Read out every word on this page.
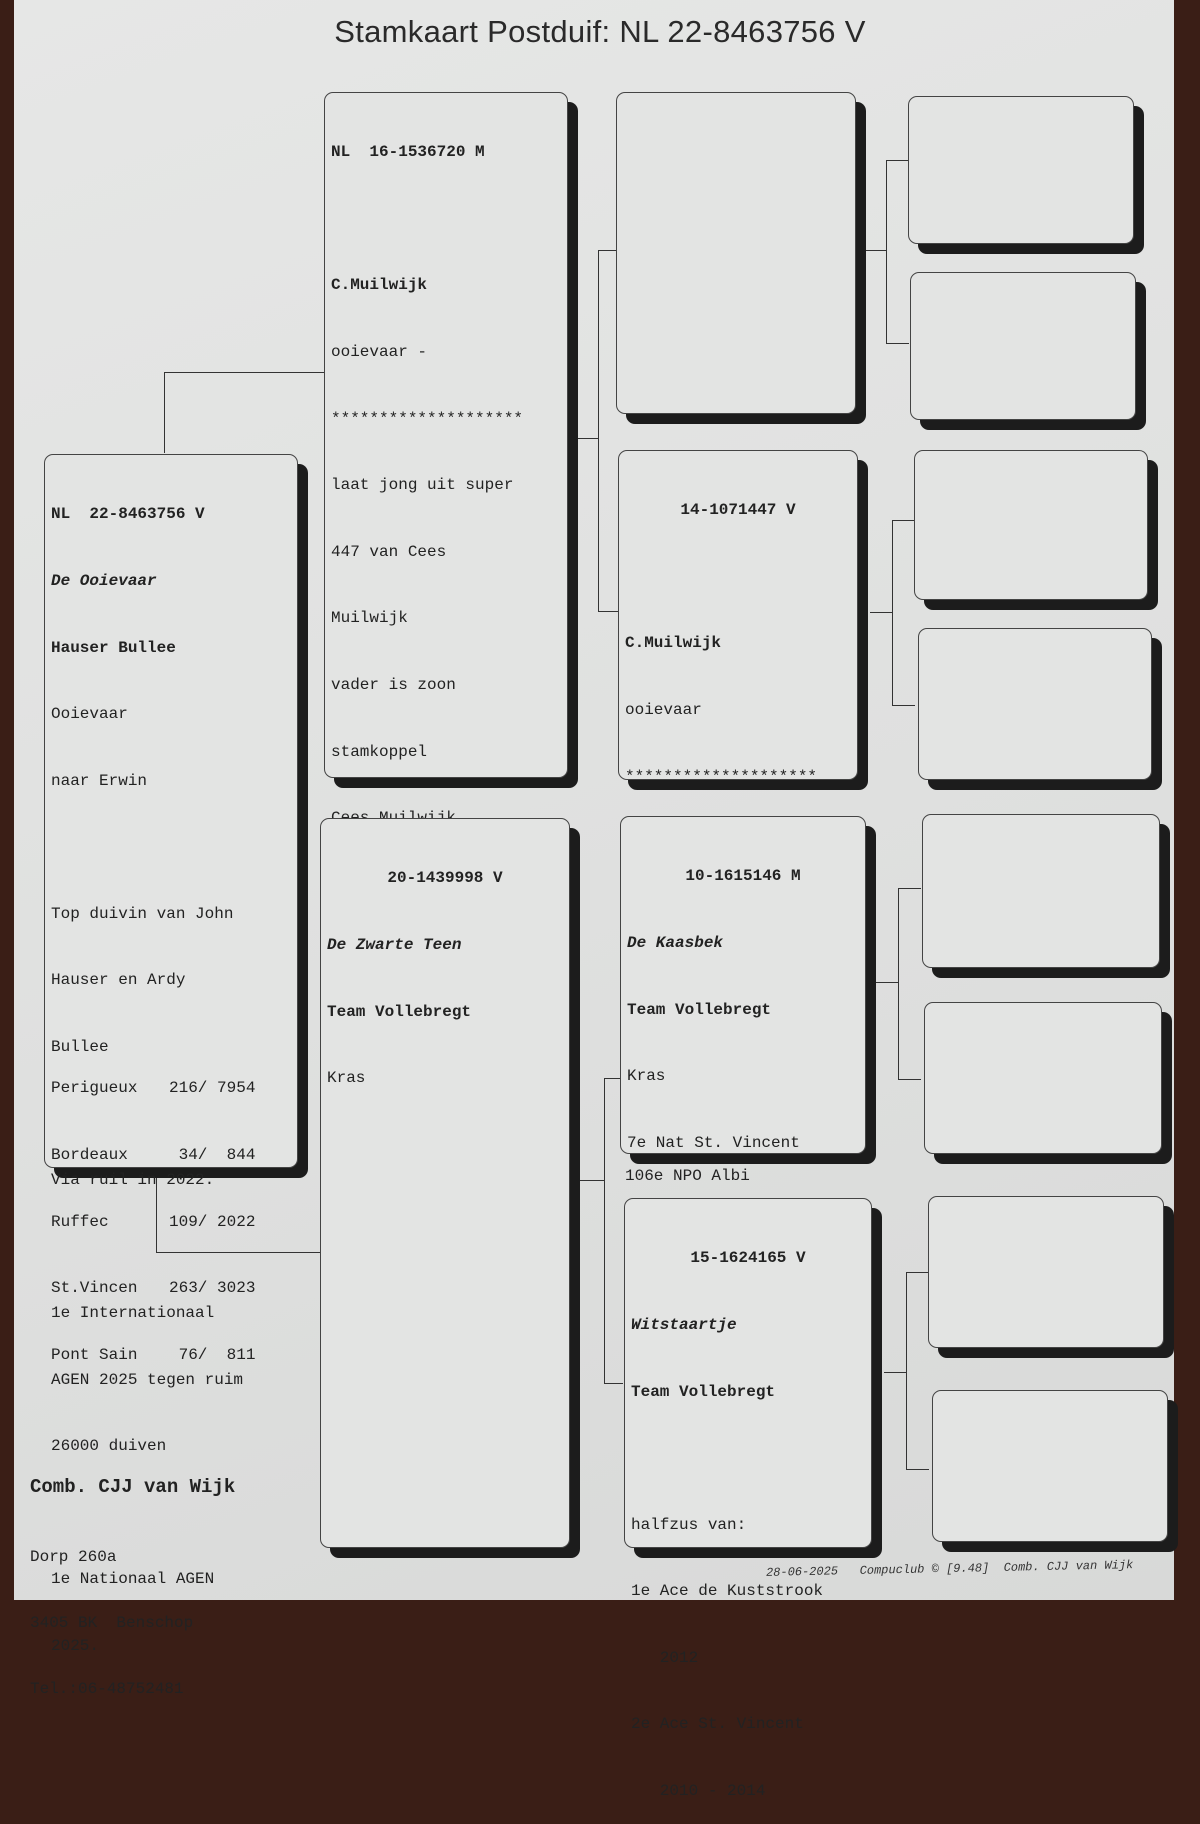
Stamkaart Postduif: NL 22-8463756 V

NL  22-8463756 V

De Ooievaar

Hauser Bullee

Ooievaar

naar Erwin

Top duivin van John

Hauser en Ardy

Bullee

Via ruil in 2022.

1e Internationaal

AGEN 2025 tegen ruim

26000 duiven

1e Nationaal AGEN

2025.

Perigueux 216/ 7954

Bordeaux	34/  844

Ruffec	109/ 2022

St.Vincen 263/ 3023

Pont Sain 76/  811

NL  16-1536720 M

C.Muilwijk

ooievaar -

********************

laat jong uit super

447 van Cees

Muilwijk

vader is zoon

stamkoppel

20-1439998 V

De Zwarte Teen

Team Vollebregt

Kras

14-1071447 V

C.Muilwijk

ooievaar

********************

106e NPO Albi

10-1615146 M

De Kaasbek

Team Vollebregt

Kras

7e Nat St. Vincent

15-1624165 V

Witstaartje

Team Vollebregt

halfzus van:

1e Ace de Kuststrook

2012

2e Ace St. Vincent

2010 - 2014

Comb. CJJ van Wijk

Dorp 260a

3405 BK  Benschop

Tel.:06-48752481

28-06-2025 Compuclub © [9.48] Comb. CJJ van Wijk
